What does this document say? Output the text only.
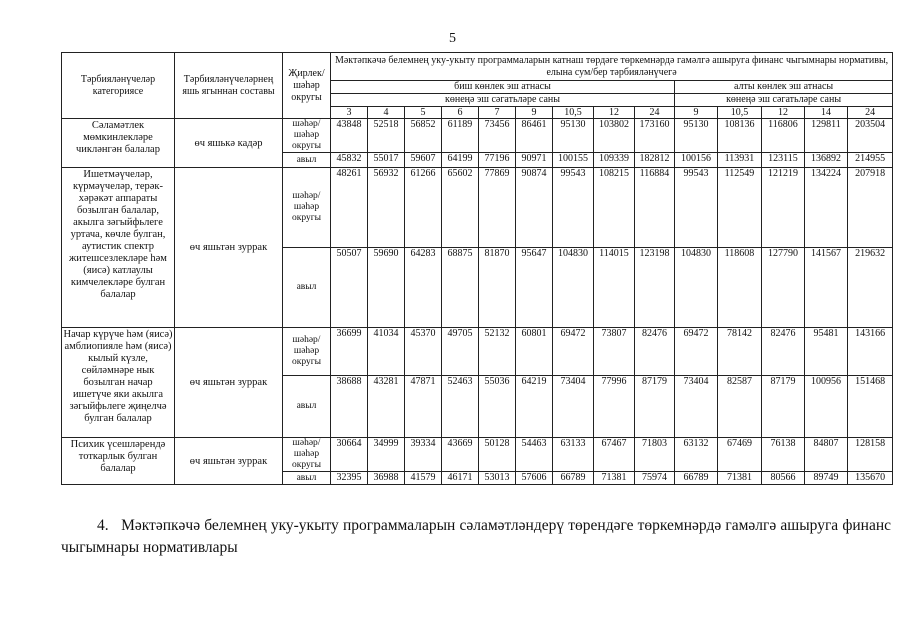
5
Тәрбияләнүчеләр категориясе	Тәрбияләнүчеләрнең яшь ягыннан составы	Җирлек/ шәһәр округы	Мәктәпкәчә белемнең уку-укыту программаларын катнаш төрдәге төркемнәрдә гамәлгә ашыруга финанс чыгымнары нормативы, елына сум/бер тәрбияләнүчегә													
			биш көнлек эш атнасы									алты көнлек эш атнасы				
			көнеңә эш сәгатьләре саны									көнеңә эш сәгатьләре саны				
			3	4	5	6	7	9	10,5	12	24	9	10,5	12	14	24
Сәламәтлек мөмкинлекләре чикләнгән балалар	өч яшькә кадәр	шәһәр/ шәһәр округы	43848	52518	56852	61189	73456	86461	95130	103802	173160	95130	108136	116806	129811	203504
		авыл	45832	55017	59607	64199	77196	90971	100155	109339	182812	100156	113931	123115	136892	214955
Ишетмәүчеләр, күрмәүчеләр, терәк-хәрәкәт аппараты бозылган балалар, акылга зәгыйфьлеге уртача, көчле булган, аутистик спектр житешсезлекләре һәм (яисә) катлаулы кимчелекләре булган балалар	өч яшьтән зуррак	шәһәр/ шәһәр округы	48261	56932	61266	65602	77869	90874	99543	108215	116884	99543	112549	121219	134224	207918
		авыл	50507	59690	64283	68875	81870	95647	104830	114015	123198	104830	118608	127790	141567	219632
Начар күрүче һәм (яисә) амблиопияле һәм (яисә) кылый күзле, сөйләмнәре нык бозылган начар ишетүче яки акылга зәгыйфьлеге җиңелчә булган балалар	өч яшьтән зуррак	шәһәр/ шәһәр округы	36699	41034	45370	49705	52132	60801	69472	73807	82476	69472	78142	82476	95481	143166
		авыл	38688	43281	47871	52463	55036	64219	73404	77996	87179	73404	82587	87179	100956	151468
Психик үсешләрендә тоткарлык булган балалар	өч яшьтән зуррак	шәһәр/ шәһәр округы	30664	34999	39334	43669	50128	54463	63133	67467	71803	63132	67469	76138	84807	128158
		авыл	32395	36988	41579	46171	53013	57606	66789	71381	75974	66789	71381	80566	89749	135670
4. Мәктәпкәчә белемнең уку-укыту программаларын сәламәтләндерү төрендәге төркемнәрдә гамәлгә ашыруга финанс чыгымнары нормативлары
